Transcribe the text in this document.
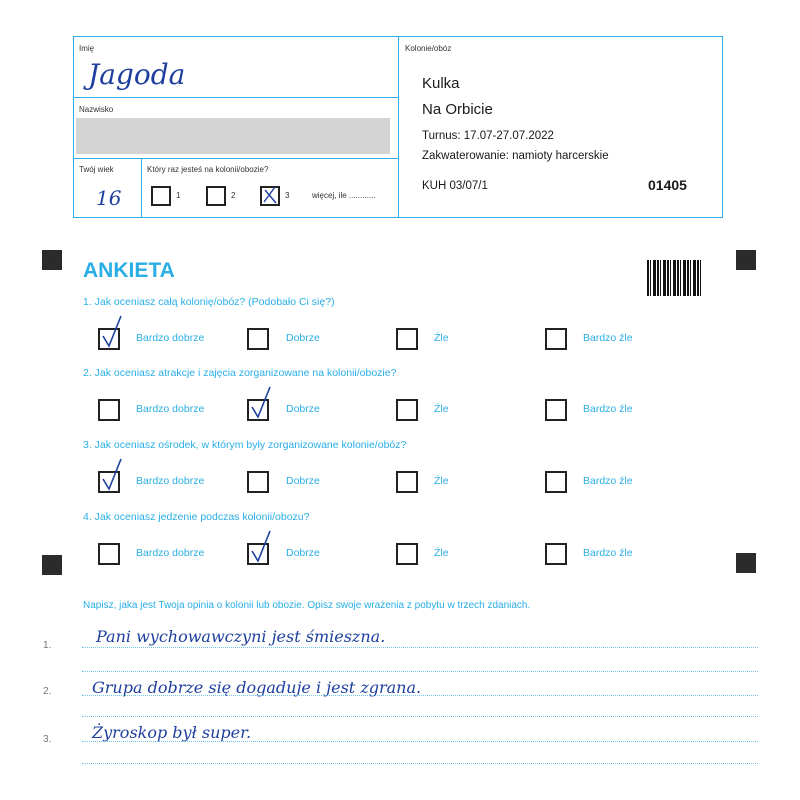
Imię
Jagoda
Nazwisko
Twój wiek
16
Który raz jesteś na kolonii/obozie?
1	2	3	więcej, ile ............
Kolonie/obóz
Kulka
Na Orbicie
Turnus: 17.07-27.07.2022
Zakwaterowanie: namioty harcerskie
KUH 03/07/1	01405
ANKIETA
1. Jak oceniasz całą kolonię/obóz? (Podobało Ci się?)
2. Jak oceniasz atrakcje i zajęcia zorganizowane na kolonii/obozie?
3. Jak oceniasz ośrodek, w którym były zorganizowane kolonie/obóz?
4. Jak oceniasz jedzenie podczas kolonii/obozu?
Bardzo dobrze	Dobrze	Źle	Bardzo źle
Bardzo dobrze	Dobrze	Źle	Bardzo źle
Bardzo dobrze	Dobrze	Źle	Bardzo źle
Bardzo dobrze	Dobrze	Źle	Bardzo źle
Napisz, jaka jest Twoja opinia o kolonii lub obozie. Opisz swoje wrażenia z pobytu w trzech zdaniach.
1.	Pani wychowawczyni jest śmieszna.
2.	Grupa dobrze się dogaduje i jest zgrana.
3.	Żyroskop był super.
